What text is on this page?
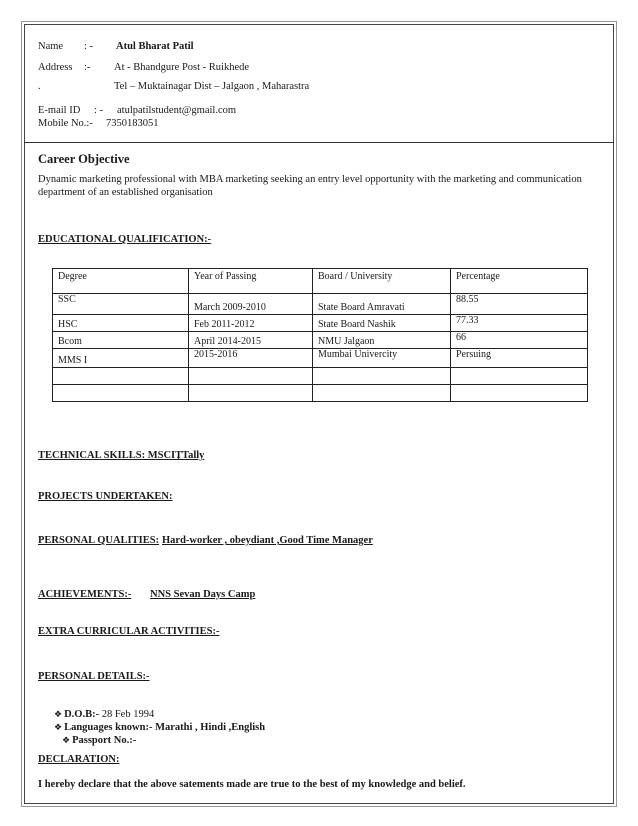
Name : - Atul Bharat Patil
Address :- At - Bhandgure Post - Ruikhede
.	Tel – Muktainagar Dist – Jalgaon , Maharastra
E-mail ID : - atulpatilstudent@gmail.com
Mobile No.:- 7350183051
Career Objective
Dynamic marketing professional with MBA marketing seeking an entry level opportunity with the marketing and communication department of an established organisation
EDUCATIONAL QUALIFICATION:-
Degree	Year of Passing	Board / University	Percentage
SSC	March 2009-2010	State Board Amravati	88.55
HSC	Feb 2011-2012	State Board Nashik	77.33
Bcom	April 2014-2015	NMU Jalgaon	66
MMS I	2015-2016	Mumbai Univercity	Persuing

TECHNICAL SKILLS: MSCIT
, Tally
PROJECTS UNDERTAKEN:
PERSONAL QUALITIES: Hard-worker , obeydiant ,Good Time Manager
ACHIEVEMENTS:- NNS Sevan Days Camp
EXTRA CURRICULAR ACTIVITIES:-
PERSONAL DETAILS:-
❖ D.O.B:- 28 Feb 1994
❖ Languages known:- Marathi , Hindi ,English
❖ Passport No.:-
DECLARATION:
I hereby declare that the above satements made are true to the best of my knowledge and belief.
